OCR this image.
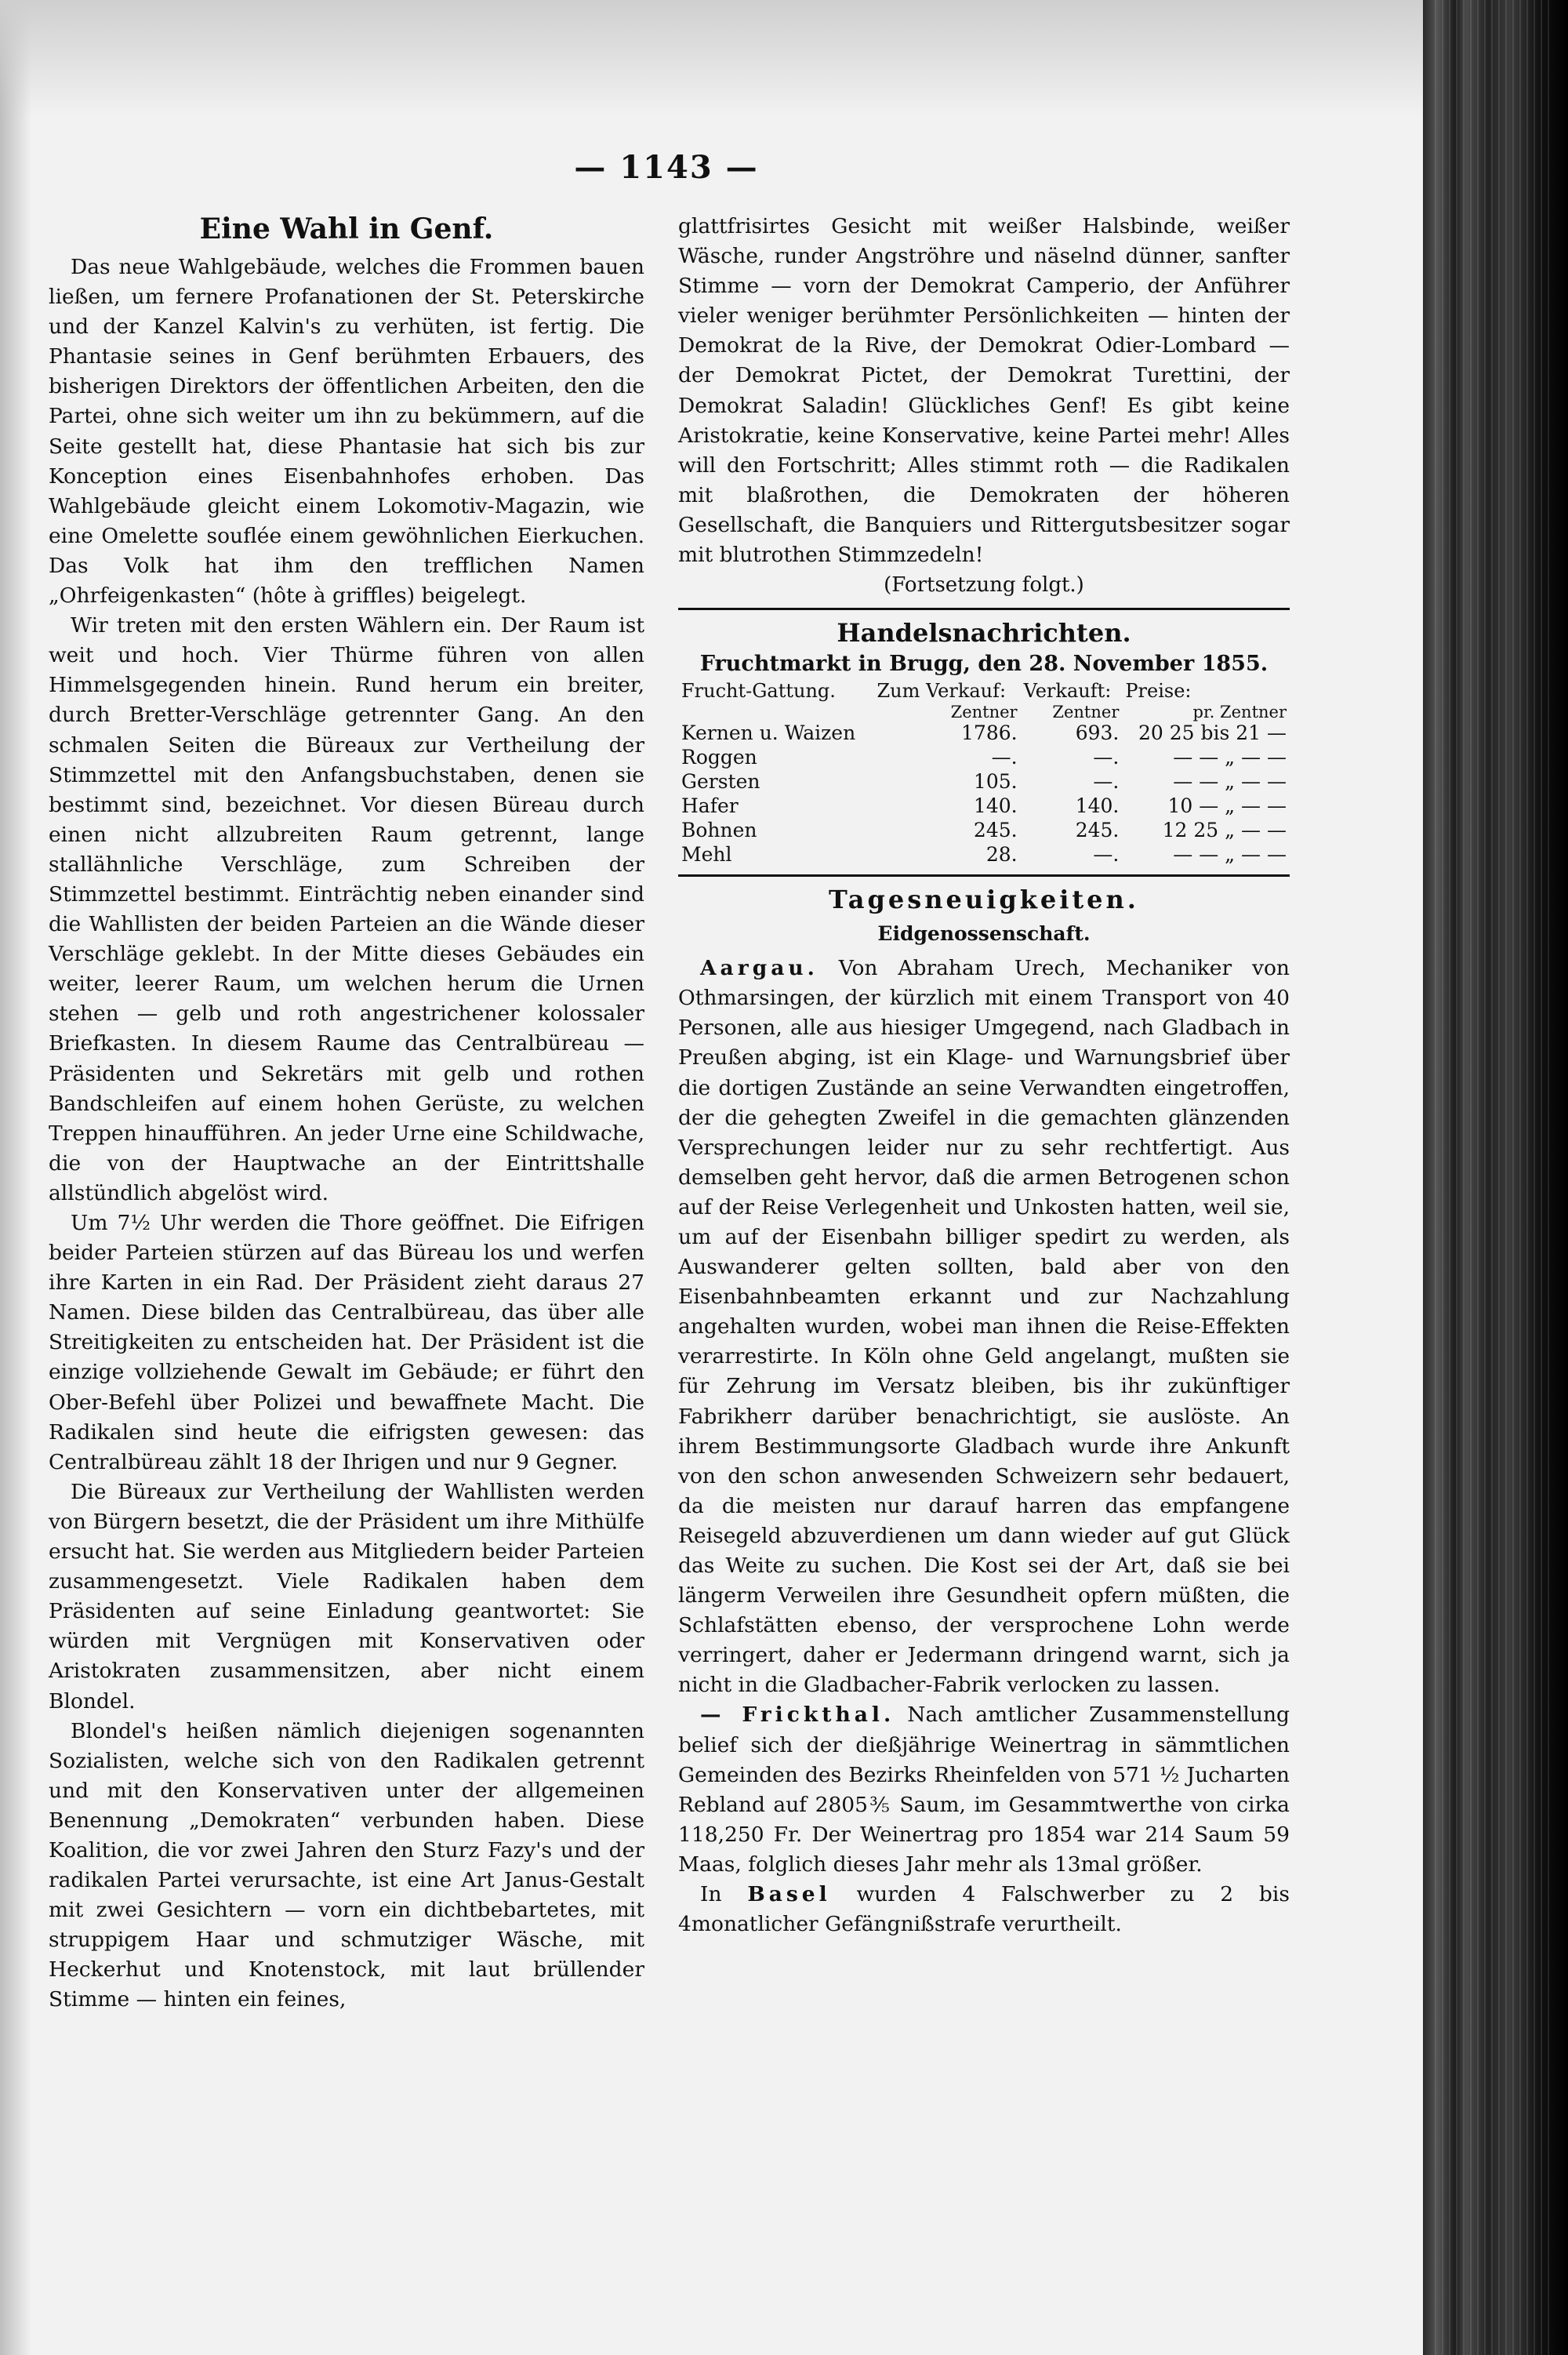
— 1143 —
Eine Wahl in Genf.

Das neue Wahlgebäude, welches die Frommen bauen ließen, um fernere Profanationen der St. Peterskirche und der Kanzel Kalvin's zu verhüten, ist fertig. Die Phantasie seines in Genf berühmten Erbauers, des bisherigen Direktors der öffentlichen Arbeiten, den die Partei, ohne sich weiter um ihn zu bekümmern, auf die Seite gestellt hat, diese Phantasie hat sich bis zur Konception eines Eisenbahnhofes erhoben. Das Wahlgebäude gleicht einem Lokomotiv-Magazin, wie eine Omelette souflée einem gewöhnlichen Eierkuchen. Das Volk hat ihm den trefflichen Namen „Ohrfeigenkasten“ (hôte à griffles) beigelegt.

Wir treten mit den ersten Wählern ein. Der Raum ist weit und hoch. Vier Thürme führen von allen Himmelsgegenden hinein. Rund herum ein breiter, durch Bretter-Verschläge getrennter Gang. An den schmalen Seiten die Büreaux zur Vertheilung der Stimmzettel mit den Anfangsbuchstaben, denen sie bestimmt sind, bezeichnet. Vor diesen Büreau durch einen nicht allzubreiten Raum getrennt, lange stallähnliche Verschläge, zum Schreiben der Stimmzettel bestimmt. Einträchtig neben einander sind die Wahllisten der beiden Parteien an die Wände dieser Verschläge geklebt. In der Mitte dieses Gebäudes ein weiter, leerer Raum, um welchen herum die Urnen stehen — gelb und roth angestrichener kolossaler Briefkasten. In diesem Raume das Centralbüreau — Präsidenten und Sekretärs mit gelb und rothen Bandschleifen auf einem hohen Gerüste, zu welchen Treppen hinaufführen. An jeder Urne eine Schildwache, die von der Hauptwache an der Eintrittshalle allstündlich abgelöst wird.

Um 7½ Uhr werden die Thore geöffnet. Die Eifrigen beider Parteien stürzen auf das Büreau los und werfen ihre Karten in ein Rad. Der Präsident zieht daraus 27 Namen. Diese bilden das Centralbüreau, das über alle Streitigkeiten zu entscheiden hat. Der Präsident ist die einzige vollziehende Gewalt im Gebäude; er führt den Ober-Befehl über Polizei und bewaffnete Macht. Die Radikalen sind heute die eifrigsten gewesen: das Centralbüreau zählt 18 der Ihrigen und nur 9 Gegner.

Die Büreaux zur Vertheilung der Wahllisten werden von Bürgern besetzt, die der Präsident um ihre Mithülfe ersucht hat. Sie werden aus Mitgliedern beider Parteien zusammengesetzt. Viele Radikalen haben dem Präsidenten auf seine Einladung geantwortet: Sie würden mit Vergnügen mit Konservativen oder Aristokraten zusammensitzen, aber nicht einem Blondel.

Blondel's heißen nämlich diejenigen sogenannten Sozialisten, welche sich von den Radikalen getrennt und mit den Konservativen unter der allgemeinen Benennung „Demokraten“ verbunden haben. Diese Koalition, die vor zwei Jahren den Sturz Fazy's und der radikalen Partei verursachte, ist eine Art Janus-Gestalt mit zwei Gesichtern — vorn ein dichtbebartetes, mit struppigem Haar und schmutziger Wäsche, mit Heckerhut und Knotenstock, mit laut brüllender Stimme — hinten ein feines,

glattfrisirtes Gesicht mit weißer Halsbinde, weißer Wäsche, runder Angströhre und näselnd dünner, sanfter Stimme — vorn der Demokrat Camperio, der Anführer vieler weniger berühmter Persönlichkeiten — hinten der Demokrat de la Rive, der Demokrat Odier-Lombard — der Demokrat Pictet, der Demokrat Turettini, der Demokrat Saladin! Glückliches Genf! Es gibt keine Aristokratie, keine Konservative, keine Partei mehr! Alles will den Fortschritt; Alles stimmt roth — die Radikalen mit blaßrothen, die Demokraten der höheren Gesellschaft, die Banquiers und Rittergutsbesitzer sogar mit blutrothen Stimmzedeln!

(Fortsetzung folgt.)
Handelsnachrichten.
Fruchtmarkt in Brugg, den 28. November 1855.
Frucht-Gattung.	Zum Verkauf:	Verkauft:	Preise:
	Zentner	Zentner	pr. Zentner
Kernen u. Waizen	1786.	693.	20 25 bis 21 —
Roggen	—.	—.	— — „ — —
Gersten	105.	—.	— — „ — —
Hafer	140.	140.	10 — „ — —
Bohnen	245.	245.	12 25 „ — —
Mehl	28.	—.	— — „ — —
Tagesneuigkeiten.
Eidgenossenschaft.

Aargau. Von Abraham Urech, Mechaniker von Othmarsingen, der kürzlich mit einem Transport von 40 Personen, alle aus hiesiger Umgegend, nach Gladbach in Preußen abging, ist ein Klage- und Warnungsbrief über die dortigen Zustände an seine Verwandten eingetroffen, der die gehegten Zweifel in die gemachten glänzenden Versprechungen leider nur zu sehr rechtfertigt. Aus demselben geht hervor, daß die armen Betrogenen schon auf der Reise Verlegenheit und Unkosten hatten, weil sie, um auf der Eisenbahn billiger spedirt zu werden, als Auswanderer gelten sollten, bald aber von den Eisenbahnbeamten erkannt und zur Nachzahlung angehalten wurden, wobei man ihnen die Reise-Effekten verarrestirte. In Köln ohne Geld angelangt, mußten sie für Zehrung im Versatz bleiben, bis ihr zukünftiger Fabrikherr darüber benachrichtigt, sie auslöste. An ihrem Bestimmungsorte Gladbach wurde ihre Ankunft von den schon anwesenden Schweizern sehr bedauert, da die meisten nur darauf harren das empfangene Reisegeld abzuverdienen um dann wieder auf gut Glück das Weite zu suchen. Die Kost sei der Art, daß sie bei längerm Verweilen ihre Gesundheit opfern müßten, die Schlafstätten ebenso, der versprochene Lohn werde verringert, daher er Jedermann dringend warnt, sich ja nicht in die Gladbacher-Fabrik verlocken zu lassen.

— Frickthal. Nach amtlicher Zusammenstellung belief sich der dießjährige Weinertrag in sämmtlichen Gemeinden des Bezirks Rheinfelden von 571 ½ Jucharten Rebland auf 2805⅗ Saum, im Gesammtwerthe von cirka 118,250 Fr. Der Weinertrag pro 1854 war 214 Saum 59 Maas, folglich dieses Jahr mehr als 13mal größer.

In Basel wurden 4 Falschwerber zu 2 bis 4monatlicher Gefängnißstrafe verurtheilt.
